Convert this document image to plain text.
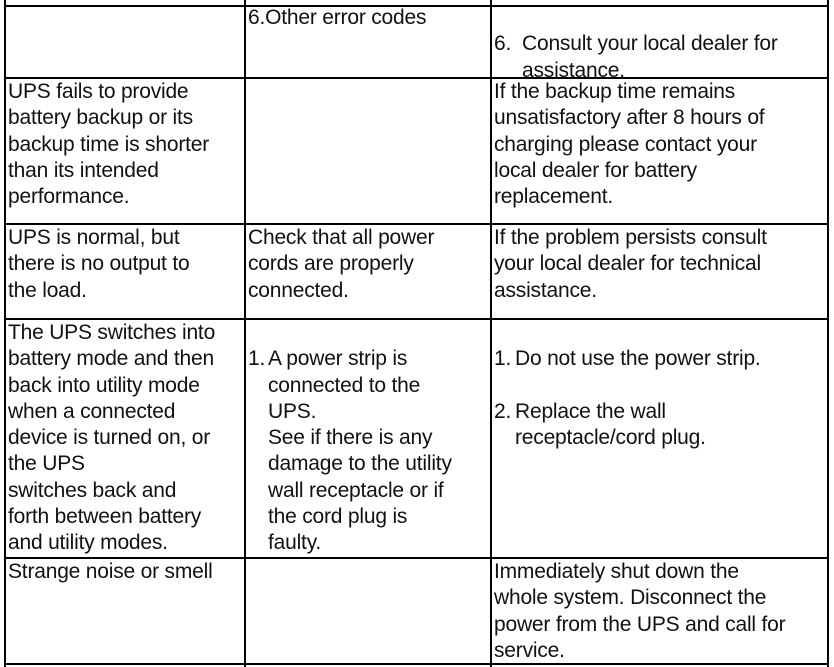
6.Other error codes

6. Consult your local dealer for
assistance.

UPS fails to provide
battery backup or its
backup time is shorter
than its intended
performance.
If the backup time remains
unsatisfactory after 8 hours of
charging please contact your
local dealer for battery
replacement.
UPS is normal, but
there is no output to
the load.
Check that all power
cords are properly
connected.
If the problem persists consult
your local dealer for technical
assistance.
The UPS switches into
battery mode and then
back into utility mode
when a connected
device is turned on, or
the UPS
switches back and
forth between battery
and utility modes.

1.
A power strip is
connected to the
UPS.
See if there is any
damage to the utility
wall receptacle or if
the cord plug is
faulty.

1. Do not use the power strip.

2. Replace the wall
receptacle/cord plug.

Strange noise or smell	Immediately shut down the
whole system. Disconnect the
power from the UPS and call for
service.
